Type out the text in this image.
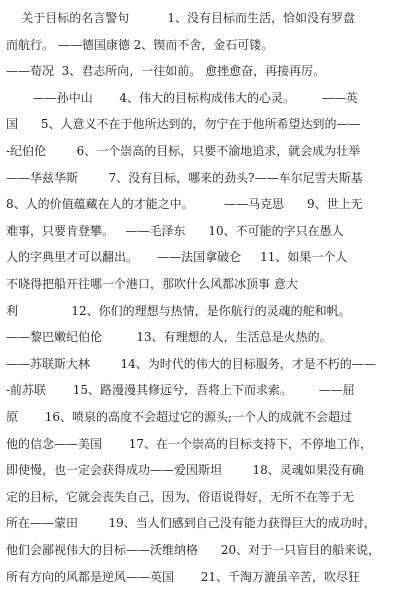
关于目标的名言警句          1、没有目标而生活，恰如没有罗盘
而航行。 ——德国康德 2、锲而不舍，金石可镂。
——荀况  3、君志所向，一往如前。 愈挫愈奋，再接再厉。
——孙中山       4、伟大的目标构成伟大的心灵。       ——英
国      5、人意义不在于他所达到的，勿宁在于他所希望达到的——
-纪伯伦        6、一个崇高的目标，只要不渝地追求，就会成为壮举
——华兹华斯        7、没有目标，哪来的劲头?——车尔尼雪夫斯基
8、人的价值蕴藏在人的才能之中。        ——马克思      9、世上无
难事，只要肯登攀。   ——毛泽东      10、不可能的字只在愚人
人的字典里才可以翻出。     ——法国拿破仑     11、如果一个人
不晓得把船开往哪一个港口，那吹什么风都冰顶事 意大
利              12、你们的理想与热情，是你航行的灵魂的舵和帆。
——黎巴嫩纪伯伦         13、有理想的人，生活总是火热的。
——苏联斯大林        14、为时代的伟大的目标服务，才是不朽的——
-前苏联       15、路漫漫其修远兮，吾将上下而求索。       ——屈
原       16、喷泉的高度不会超过它的源头;一个人的成就不会超过
他的信念——美国       17、在一个崇高的目标支持下，不停地工作，
即使慢，也一定会获得成功——爱因斯坦        18、灵魂如果没有确
定的目标，它就会丧失自己，因为，俗语说得好，无所不在等于无
所在——蒙田        19、当人们感到自己没有能力获得巨大的成功时，
他们会鄙视伟大的目标——沃维纳格      20、对于一只盲目的船来说，
所有方向的风都是逆风——英国       21、千淘万漉虽辛苦，吹尽狂
